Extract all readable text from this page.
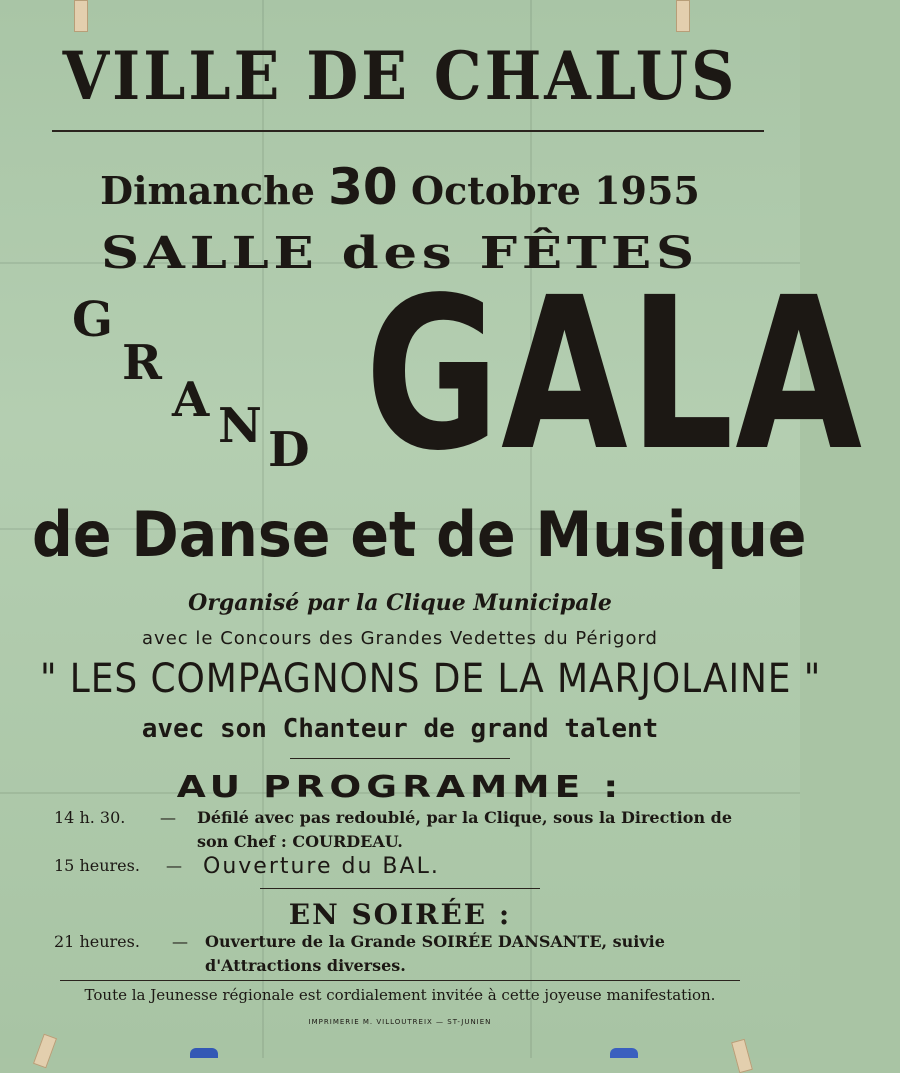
VILLE DE CHALUS
Dimanche 30 Octobre 1955
SALLE des FÊTES
G
R
A N D GALA
de Danse et de Musique
Organisé par la Clique Municipale
avec le Concours des Grandes Vedettes du Périgord
" LES COMPAGNONS DE LA MARJOLAINE "
avec son Chanteur de grand talent
AU PROGRAMME :
14 h. 30. — Défilé avec pas redoublé, par la Clique, sous la Direction de
son Chef : COURDEAU.
15 heures. — Ouverture du BAL.
EN SOIRÉE :
21 heures. — Ouverture de la Grande SOIRÉE DANSANTE, suivie
d'Attractions diverses.
Toute la Jeunesse régionale est cordialement invitée à cette joyeuse manifestation.
IMPRIMERIE M. VILLOUTREIX — ST-JUNIEN
